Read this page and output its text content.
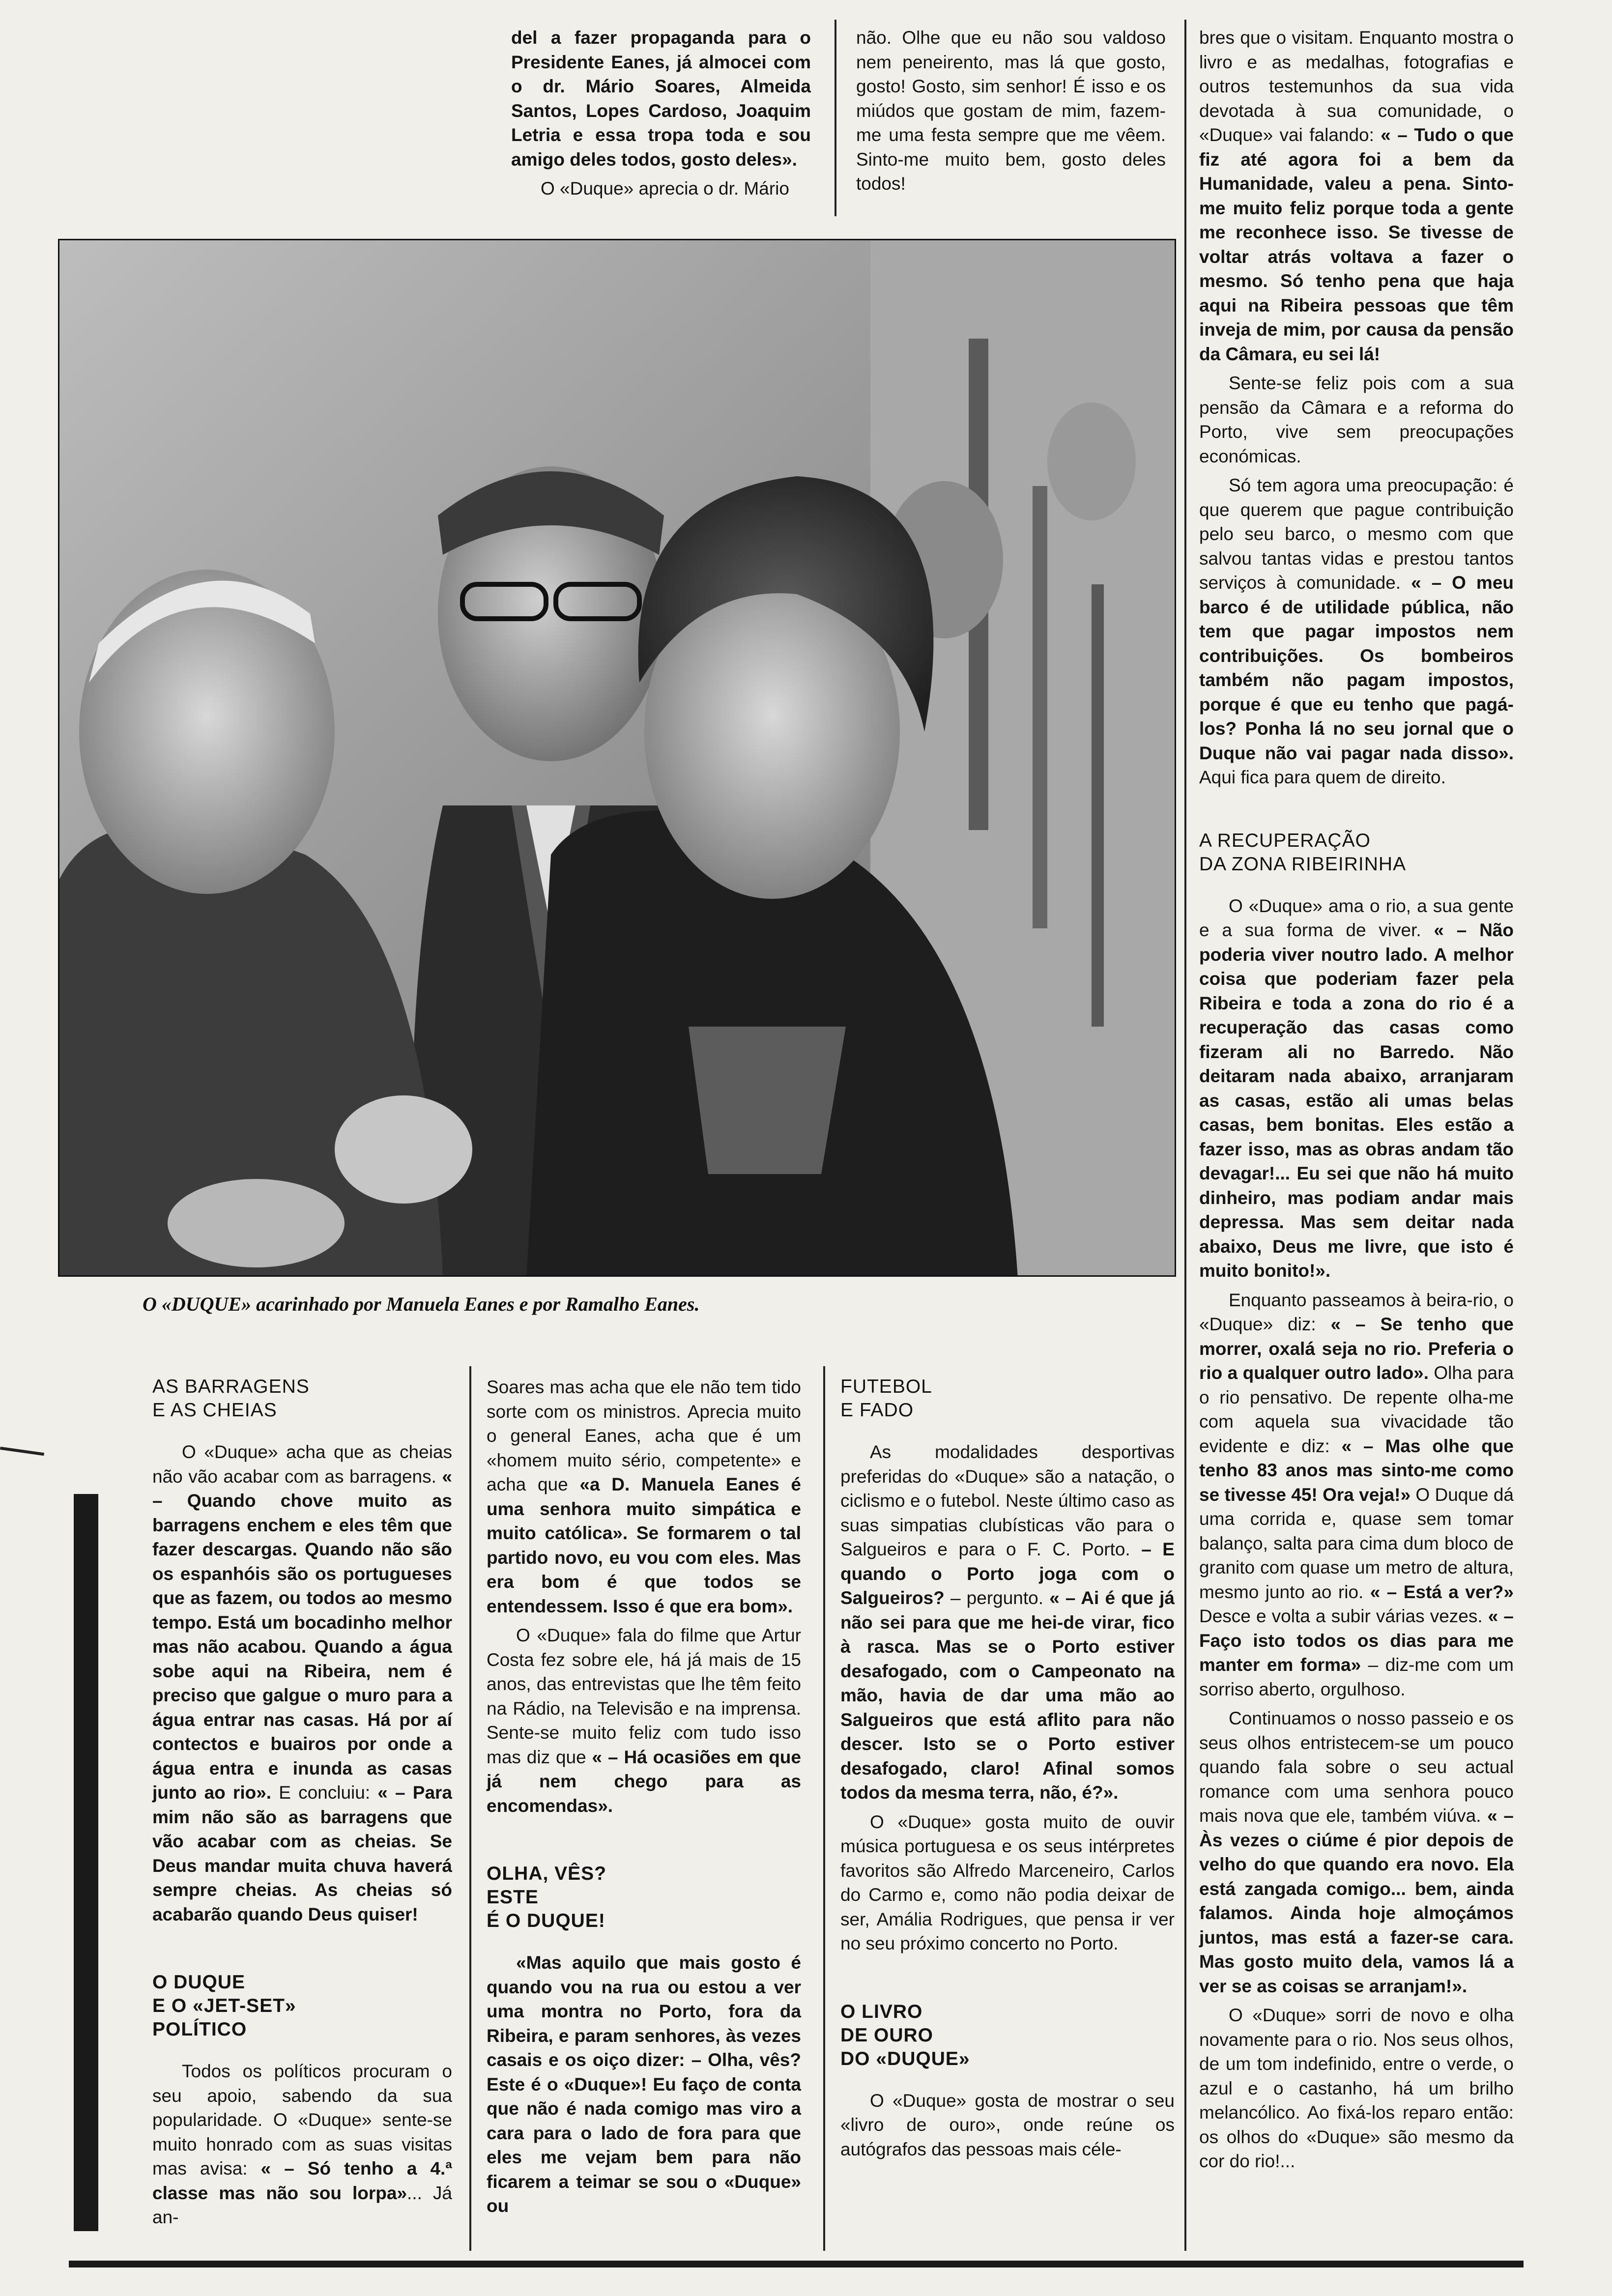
del a fazer propaganda para o Presidente Eanes, já almocei com o dr. Mário Soares, Almeida Santos, Lopes Cardoso, Joaquim Letria e essa tropa toda e sou amigo deles todos, gosto deles».

O «Duque» aprecia o dr. Mário

não. Olhe que eu não sou valdoso nem peneirento, mas lá que gosto, gosto! Gosto, sim senhor! É isso e os miúdos que gostam de mim, fazem-me uma festa sempre que me vêem. Sinto-me muito bem, gosto deles todos!

bres que o visitam. Enquanto mostra o livro e as medalhas, fotografias e outros testemunhos da sua vida devotada à sua comunidade, o «Duque» vai falando: « – Tudo o que fiz até agora foi a bem da Humanidade, valeu a pena. Sinto-me muito feliz porque toda a gente me reconhece isso. Se tivesse de voltar atrás voltava a fazer o mesmo. Só tenho pena que haja aqui na Ribeira pessoas que têm inveja de mim, por causa da pensão da Câmara, eu sei lá!

Sente-se feliz pois com a sua pensão da Câmara e a reforma do Porto, vive sem preocupações económicas.

Só tem agora uma preocupação: é que querem que pague contribuição pelo seu barco, o mesmo com que salvou tantas vidas e prestou tantos serviços à comunidade. « – O meu barco é de utilidade pública, não tem que pagar impostos nem contribuições. Os bombeiros também não pagam impostos, porque é que eu tenho que pagá-los? Ponha lá no seu jornal que o Duque não vai pagar nada disso». Aqui fica para quem de direito.

A RECUPERAÇÃO
DA ZONA RIBEIRINHA

O «Duque» ama o rio, a sua gente e a sua forma de viver. « – Não poderia viver noutro lado. A melhor coisa que poderiam fazer pela Ribeira e toda a zona do rio é a recuperação das casas como fizeram ali no Barredo. Não deitaram nada abaixo, arranjaram as casas, estão ali umas belas casas, bem bonitas. Eles estão a fazer isso, mas as obras andam tão devagar!... Eu sei que não há muito dinheiro, mas podiam andar mais depressa. Mas sem deitar nada abaixo, Deus me livre, que isto é muito bonito!».

Enquanto passeamos à beira-rio, o «Duque» diz: « – Se tenho que morrer, oxalá seja no rio. Preferia o rio a qualquer outro lado». Olha para o rio pensativo. De repente olha-me com aquela sua vivacidade tão evidente e diz: « – Mas olhe que tenho 83 anos mas sinto-me como se tivesse 45! Ora veja!» O Duque dá uma corrida e, quase sem tomar balanço, salta para cima dum bloco de granito com quase um metro de altura, mesmo junto ao rio. « – Está a ver?» Desce e volta a subir várias vezes. « – Faço isto todos os dias para me manter em forma» – diz-me com um sorriso aberto, orgulhoso.

Continuamos o nosso passeio e os seus olhos entristecem-se um pouco quando fala sobre o seu actual romance com uma senhora pouco mais nova que ele, também viúva. « – Às vezes o ciúme é pior depois de velho do que quando era novo. Ela está zangada comigo... bem, ainda falamos. Ainda hoje almoçámos juntos, mas está a fazer-se cara. Mas gosto muito dela, vamos lá a ver se as coisas se arranjam!».

O «Duque» sorri de novo e olha novamente para o rio. Nos seus olhos, de um tom indefinido, entre o verde, o azul e o castanho, há um brilho melancólico. Ao fixá-los reparo então: os olhos do «Duque» são mesmo da cor do rio!...

O «DUQUE» acarinhado por Manuela Eanes e por Ramalho Eanes.
AS BARRAGENS
E AS CHEIAS

O «Duque» acha que as cheias não vão acabar com as barragens. « – Quando chove muito as barragens enchem e eles têm que fazer descargas. Quando não são os espanhóis são os portugueses que as fazem, ou todos ao mesmo tempo. Está um bocadinho melhor mas não acabou. Quando a água sobe aqui na Ribeira, nem é preciso que galgue o muro para a água entrar nas casas. Há por aí contectos e buairos por onde a água entra e inunda as casas junto ao rio». E concluiu: « – Para mim não são as barragens que vão acabar com as cheias. Se Deus mandar muita chuva haverá sempre cheias. As cheias só acabarão quando Deus quiser!

O DUQUE
E O «JET-SET»
POLÍTICO

Todos os políticos procuram o seu apoio, sabendo da sua popularidade. O «Duque» sente-se muito honrado com as suas visitas mas avisa: « – Só tenho a 4.ª classe mas não sou lorpa»... Já an-

Soares mas acha que ele não tem tido sorte com os ministros. Aprecia muito o general Eanes, acha que é um «homem muito sério, competente» e acha que «a D. Manuela Eanes é uma senhora muito simpática e muito católica». Se formarem o tal partido novo, eu vou com eles. Mas era bom é que todos se entendessem. Isso é que era bom».

O «Duque» fala do filme que Artur Costa fez sobre ele, há já mais de 15 anos, das entrevistas que lhe têm feito na Rádio, na Televisão e na imprensa. Sente-se muito feliz com tudo isso mas diz que « – Há ocasiões em que já nem chego para as encomendas».

OLHA, VÊS?
ESTE
É O DUQUE!

«Mas aquilo que mais gosto é quando vou na rua ou estou a ver uma montra no Porto, fora da Ribeira, e param senhores, às vezes casais e os oiço dizer: – Olha, vês? Este é o «Duque»! Eu faço de conta que não é nada comigo mas viro a cara para o lado de fora para que eles me vejam bem para não ficarem a teimar se sou o «Duque» ou

FUTEBOL
E FADO

As modalidades desportivas preferidas do «Duque» são a natação, o ciclismo e o futebol. Neste último caso as suas simpatias clubísticas vão para o Salgueiros e para o F. C. Porto. – E quando o Porto joga com o Salgueiros? – pergunto. « – Ai é que já não sei para que me hei-de virar, fico à rasca. Mas se o Porto estiver desafogado, com o Campeonato na mão, havia de dar uma mão ao Salgueiros que está aflito para não descer. Isto se o Porto estiver desafogado, claro! Afinal somos todos da mesma terra, não, é?».

O «Duque» gosta muito de ouvir música portuguesa e os seus intérpretes favoritos são Alfredo Marceneiro, Carlos do Carmo e, como não podia deixar de ser, Amália Rodrigues, que pensa ir ver no seu próximo concerto no Porto.

O LIVRO
DE OURO
DO «DUQUE»

O «Duque» gosta de mostrar o seu «livro de ouro», onde reúne os autógrafos das pessoas mais céle-
